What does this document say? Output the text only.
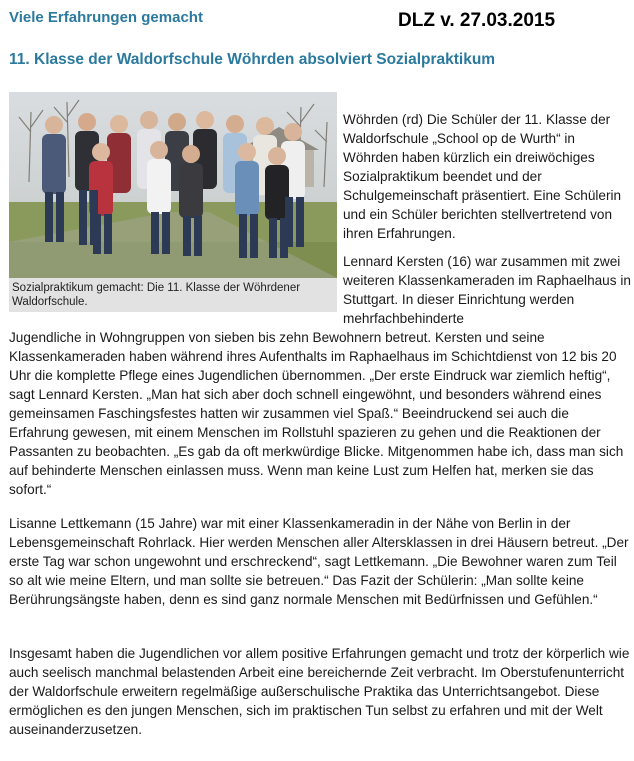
Viele Erfahrungen gemacht	DLZ v. 27.03.2015
11. Klasse der Waldorfschule Wöhrden absolviert Sozialpraktikum
Sozialpraktikum gemacht: Die 11. Klasse der Wöhrdener Waldorfschule.

Wöhrden (rd) Die Schüler der 11. Klasse der Waldorfschule „School op de Wurth“ in Wöhrden haben kürzlich ein dreiwöchiges Sozialpraktikum beendet und der Schulgemeinschaft präsentiert. Eine Schülerin und ein Schüler berichten stellvertretend von ihren Erfahrungen.

Lennard Kersten (16) war zusammen mit zwei weiteren Klassenkameraden im Raphaelhaus in Stuttgart. In dieser Einrichtung werden mehrfachbehinderte

Jugendliche in Wohngruppen von sieben bis zehn Bewohnern betreut. Kersten und seine Klassenkameraden haben während ihres Aufenthalts im Raphaelhaus im Schichtdienst von 12 bis 20 Uhr die komplette Pflege eines Jugendlichen übernommen. „Der erste Eindruck war ziemlich heftig“, sagt Lennard Kersten. „Man hat sich aber doch schnell eingewöhnt, und besonders während eines gemeinsamen Faschingsfestes hatten wir zusammen viel Spaß.“ Beeindruckend sei auch die Erfahrung gewesen, mit einem Menschen im Rollstuhl spazieren zu gehen und die Reaktionen der Passanten zu beobachten. „Es gab da oft merkwürdige Blicke. Mitgenommen habe ich, dass man sich auf behinderte Menschen einlassen muss. Wenn man keine Lust zum Helfen hat, merken sie das sofort.“

Lisanne Lettkemann (15 Jahre) war mit einer Klassenkameradin in der Nähe von Berlin in der Lebensgemeinschaft Rohrlack. Hier werden Menschen aller Altersklassen in drei Häusern betreut. „Der erste Tag war schon ungewohnt und erschreckend“, sagt Lettkemann. „Die Bewohner waren zum Teil so alt wie meine Eltern, und man sollte sie betreuen.“ Das Fazit der Schülerin: „Man sollte keine Berührungsängste haben, denn es sind ganz normale Menschen mit Bedürfnissen und Gefühlen.“

Insgesamt haben die Jugendlichen vor allem positive Erfahrungen gemacht und trotz der körperlich wie auch seelisch manchmal belastenden Arbeit eine bereichernde Zeit verbracht. Im Oberstufenunterricht der Waldorfschule erweitern regelmäßige außerschulische Praktika das Unterrichtsangebot. Diese ermöglichen es den jungen Menschen, sich im praktischen Tun selbst zu erfahren und mit der Welt auseinanderzusetzen.
